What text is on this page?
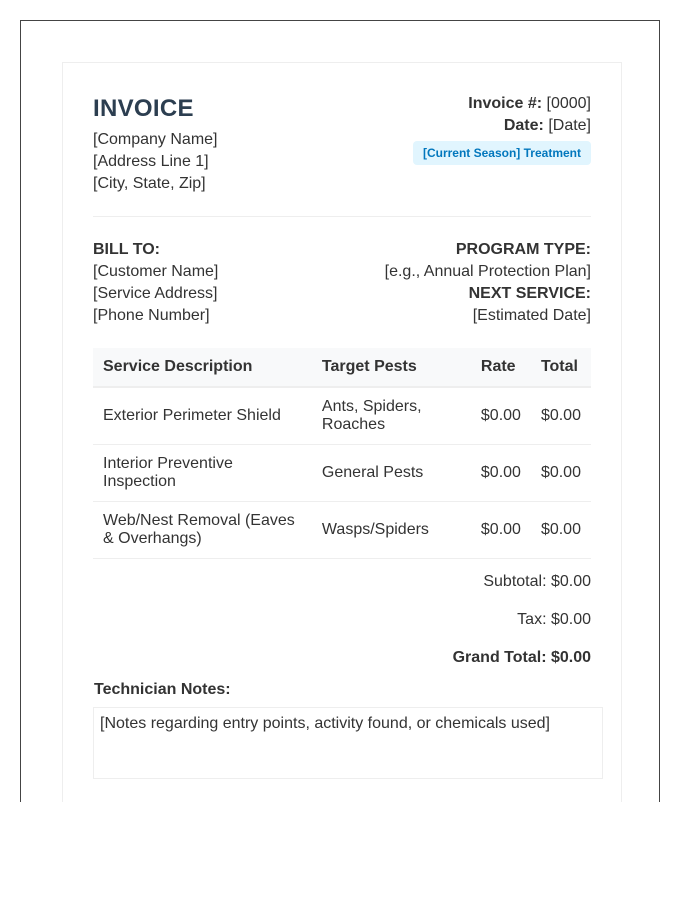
INVOICE
[Company Name]
[Address Line 1]
[City, State, Zip]
Invoice #: [0000]
Date: [Date]
[Current Season] Treatment
BILL TO:
[Customer Name]
[Service Address]
[Phone Number]
PROGRAM TYPE:
[e.g., Annual Protection Plan]
NEXT SERVICE:
[Estimated Date]
Service Description	Target Pests	Rate	Total
Exterior Perimeter Shield	Ants, Spiders, Roaches	$0.00	$0.00
Interior Preventive Inspection	General Pests	$0.00	$0.00
Web/Nest Removal (Eaves & Overhangs)	Wasps/Spiders	$0.00	$0.00
Subtotal: $0.00
Tax: $0.00
Grand Total: $0.00
Technician Notes:
[Notes regarding entry points, activity found, or chemicals used]
